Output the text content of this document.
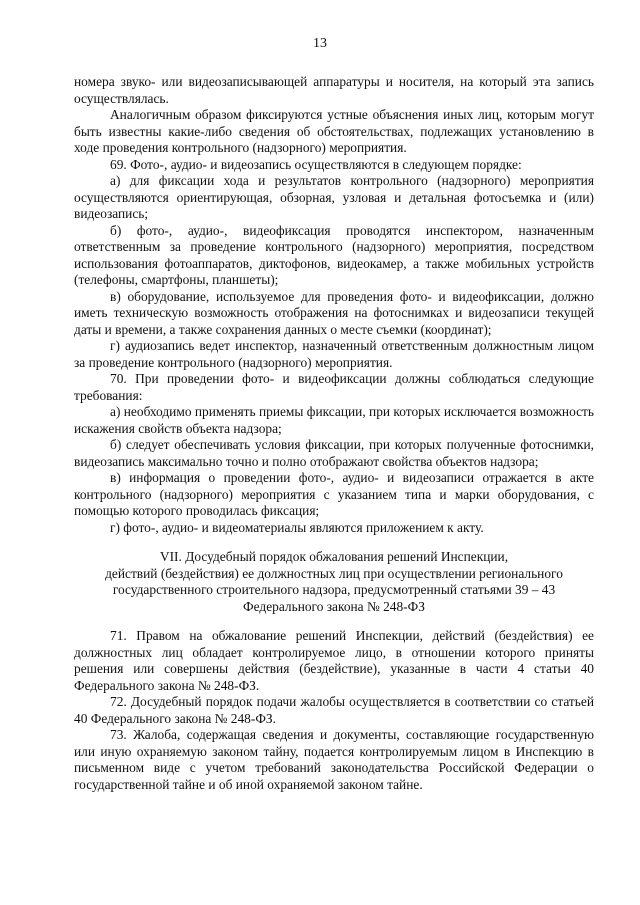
13

номера звуко- или видеозаписывающей аппаратуры и носителя, на который эта запись осуществлялась.

Аналогичным образом фиксируются устные объяснения иных лиц, которым могут быть известны какие-либо сведения об обстоятельствах, подлежащих установлению в ходе проведения контрольного (надзорного) мероприятия.

69. Фото-, аудио- и видеозапись осуществляются в следующем порядке:

а) для фиксации хода и результатов контрольного (надзорного) мероприятия осуществляются ориентирующая, обзорная, узловая и детальная фотосъемка и (или) видеозапись;

б) фото-, аудио-, видеофиксация проводятся инспектором, назначенным ответственным за проведение контрольного (надзорного) мероприятия, посредством использования фотоаппаратов, диктофонов, видеокамер, а также мобильных устройств (телефоны, смартфоны, планшеты);

в) оборудование, используемое для проведения фото- и видеофиксации, должно иметь техническую возможность отображения на фотоснимках и видеозаписи текущей даты и времени, а также сохранения данных о месте съемки (координат);

г) аудиозапись ведет инспектор, назначенный ответственным должностным лицом за проведение контрольного (надзорного) мероприятия.

70. При проведении фото- и видеофиксации должны соблюдаться следующие требования:

а) необходимо применять приемы фиксации, при которых исключается возможность искажения свойств объекта надзора;

б) следует обеспечивать условия фиксации, при которых полученные фотоснимки, видеозапись максимально точно и полно отображают свойства объектов надзора;

в) информация о проведении фото-, аудио- и видеозаписи отражается в акте контрольного (надзорного) мероприятия с указанием типа и марки оборудования, с помощью которого проводилась фиксация;

г) фото-, аудио- и видеоматериалы являются приложением к акту.

VII. Досудебный порядок обжалования решений Инспекции,
действий (бездействия) ее должностных лиц при осуществлении регионального
государственного строительного надзора, предусмотренный статьями 39 – 43
Федерального закона № 248-ФЗ

71. Правом на обжалование решений Инспекции, действий (бездействия) ее должностных лиц обладает контролируемое лицо, в отношении которого приняты решения или совершены действия (бездействие), указанные в части 4 статьи 40 Федерального закона № 248-ФЗ.

72. Досудебный порядок подачи жалобы осуществляется в соответствии со статьей 40 Федерального закона № 248-ФЗ.

73. Жалоба, содержащая сведения и документы, составляющие государственную или иную охраняемую законом тайну, подается контролируемым лицом в Инспекцию в письменном виде с учетом требований законодательства Российской Федерации о государственной тайне и об иной охраняемой законом тайне.
